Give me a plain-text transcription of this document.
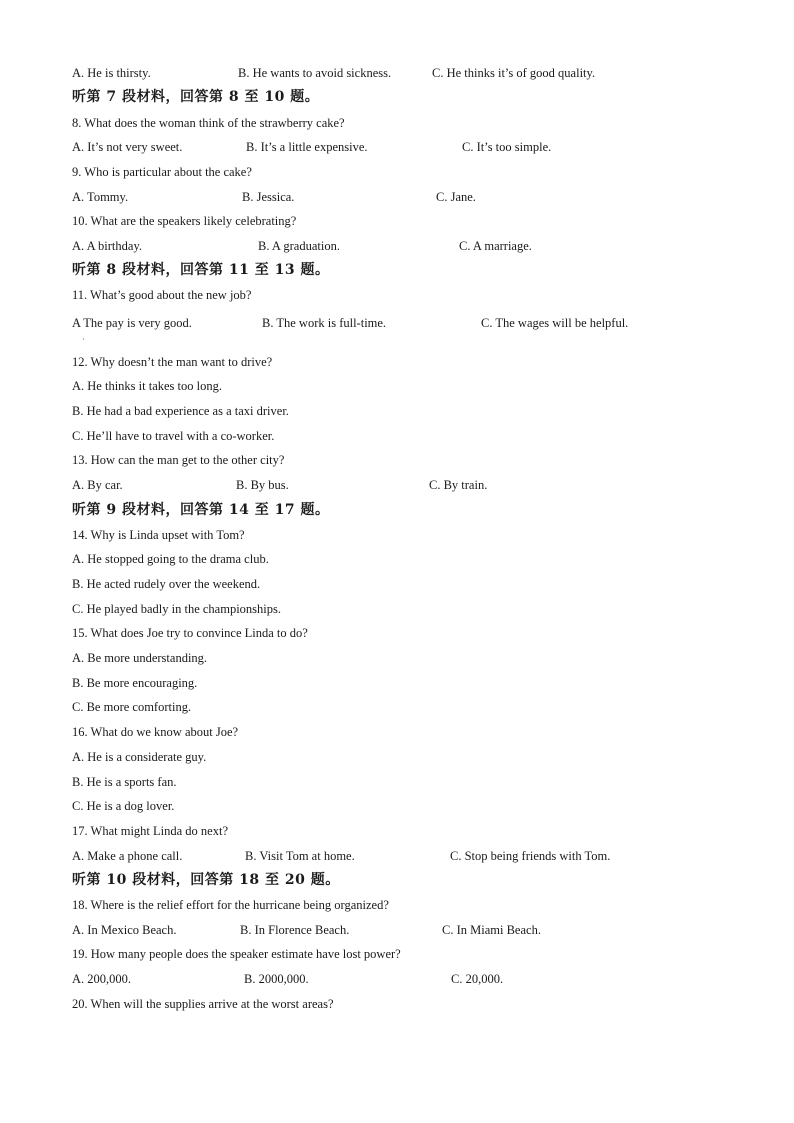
A. He is thirsty.	B. He wants to avoid sickness.	C. He thinks it’s of good quality.
听第 7 段材料，回答第 8 至 10 题。
8. What does the woman think of the strawberry cake?
A. It’s not very sweet.	B. It’s a little expensive.	C. It’s too simple.
9. Who is particular about the cake?
A. Tommy.	B. Jessica.	C. Jane.
10. What are the speakers likely celebrating?
A. A birthday.	B. A graduation.	C. A marriage.
听第 8 段材料，回答第 11 至 13 题。
11. What’s good about the new job?
A The pay is very good.
·
B. The work is full-time.	C. The wages will be helpful.
12. Why doesn’t the man want to drive?
A. He thinks it takes too long.
B. He had a bad experience as a taxi driver.
C. He’ll have to travel with a co-worker.
13. How can the man get to the other city?
A. By car.	B. By bus.	C. By train.
听第 9 段材料，回答第 14 至 17 题。
14. Why is Linda upset with Tom?
A. He stopped going to the drama club.
B. He acted rudely over the weekend.
C. He played badly in the championships.
15. What does Joe try to convince Linda to do?
A. Be more understanding.
B. Be more encouraging.
C. Be more comforting.
16. What do we know about Joe?
A. He is a considerate guy.
B. He is a sports fan.
C. He is a dog lover.
17. What might Linda do next?
A. Make a phone call.	B. Visit Tom at home.	C. Stop being friends with Tom.
听第 10 段材料，回答第 18 至 20 题。
18. Where is the relief effort for the hurricane being organized?
A. In Mexico Beach.	B. In Florence Beach.	C. In Miami Beach.
19. How many people does the speaker estimate have lost power?
A. 200,000.	B. 2000,000.	C. 20,000.
20. When will the supplies arrive at the worst areas?
